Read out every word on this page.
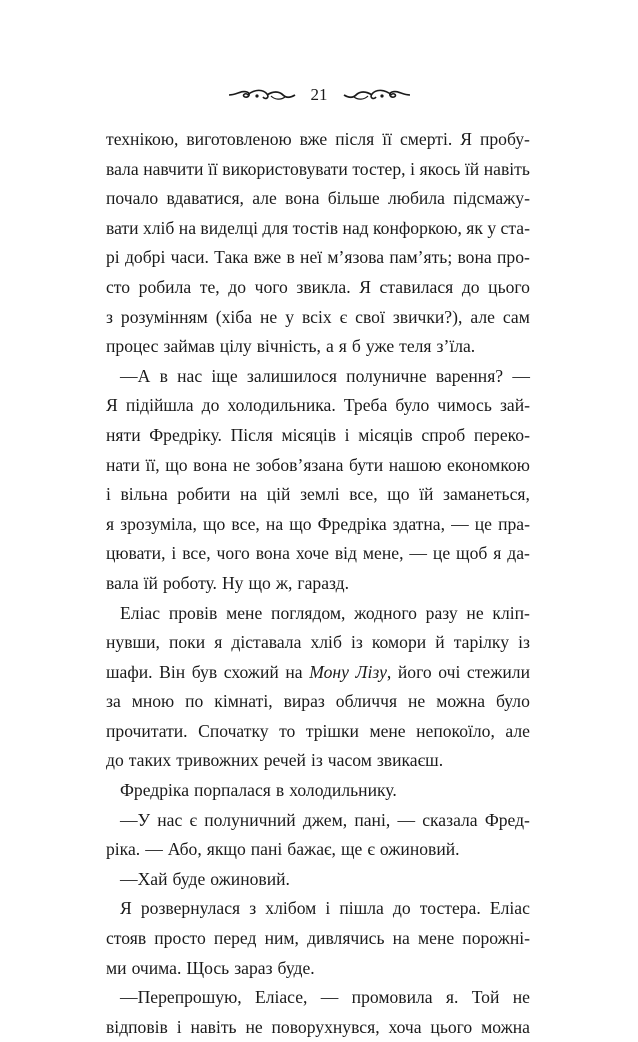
21
технікою, виготовленою вже після її смерті. Я пробу-
вала навчити її використовувати тостер, і якось їй навіть
почало вдаватися, але вона більше любила підсмажу-
вати хліб на виделці для тостів над конфоркою, як у ста-
рі добрі часи. Така вже в неї м’язова пам’ять; вона про-
сто робила те, до чого звикла. Я ставилася до цього
з розумінням (хіба не у всіх є свої звички?), але сам
процес займав цілу вічність, а я б уже теля з’їла.
—А в нас іще залишилося полуничне варення? —
Я підійшла до холодильника. Треба було чимось зай-
няти Фредріку. Після місяців і місяців спроб переко-
нати її, що вона не зобов’язана бути нашою економкою
і вільна робити на цій землі все, що їй заманеться,
я зрозуміла, що все, на що Фредріка здатна, — це пра-
цювати, і все, чого вона хоче від мене, — це щоб я да-
вала їй роботу. Ну що ж, гаразд.
Еліас провів мене поглядом, жодного разу не кліп-
нувши, поки я діставала хліб із комори й тарілку із
шафи. Він був схожий на Мону Лізу, його очі стежили
за мною по кімнаті, вираз обличчя не можна було
прочитати. Спочатку то трішки мене непокоїло, але
до таких тривожних речей із часом звикаєш.
Фредріка порпалася в холодильнику.
—У нас є полуничний джем, пані, — сказала Фред-
ріка. — Або, якщо пані бажає, ще є ожиновий.
—Хай буде ожиновий.
Я розвернулася з хлібом і пішла до тостера. Еліас
стояв просто перед ним, дивлячись на мене порожні-
ми очима. Щось зараз буде.
—Перепрошую, Еліасе, — промовила я. Той не
відповів і навіть не поворухнувся, хоча цього можна
